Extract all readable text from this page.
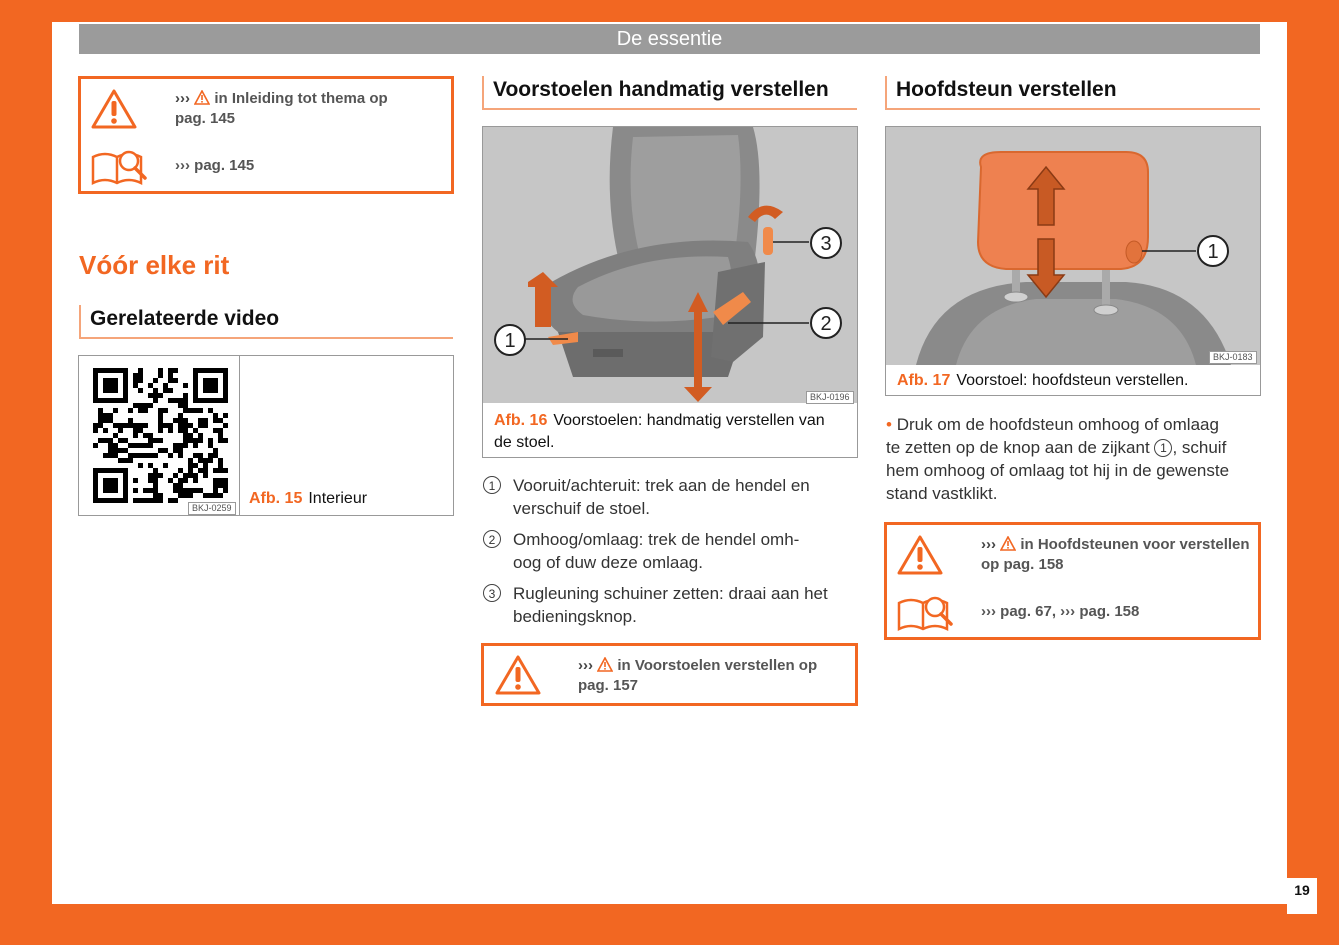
19
De essentie
››› in Inleiding tot thema op
pag. 145
››› pag. 145
Vóór elke rit
Gerelateerde video
BKJ-0259
Afb. 15 Interieur
Voorstoelen handmatig verstellen
1
2
3
BKJ-0196
Afb. 16 Voorstoelen: handmatig verstellen van
de stoel.
1	Vooruit/achteruit: trek aan de hendel en
verschuif de stoel.
2	Omhoog/omlaag: trek de hendel omh-
oog of duw deze omlaag.
3	Rugleuning schuiner zetten: draai aan het
bedieningsknop.
››› in Voorstoelen verstellen op
pag. 157
Hoofdsteun verstellen
1
BKJ-0183
Afb. 17 Voorstoel: hoofdsteun verstellen.
• Druk om de hoofdsteun omhoog of omlaag
te zetten op de knop aan de zijkant 1 , schuif
hem omhoog of omlaag tot hij in de gewenste
stand vastklikt.
››› in Hoofdsteunen voor verstellen
op pag. 158
››› pag. 67, ››› pag. 158
